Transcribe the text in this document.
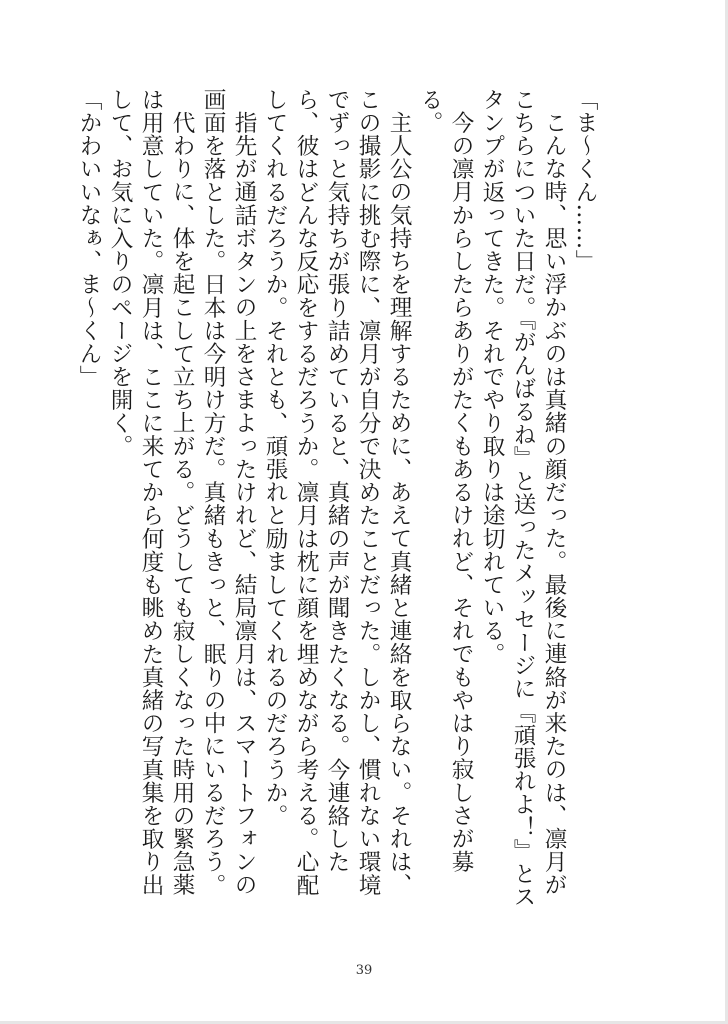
「ま〜くん……」

こんな時、思い浮かぶのは真緒の顔だった。最後に連絡が来たのは、凛月がこちらについた日だ。『がんばるね』と送ったメッセージに『頑張れよ！』とスタンプが返ってきた。それでやり取りは途切れている。

今の凛月からしたらありがたくもあるけれど、それでもやはり寂しさが募る。

主人公の気持ちを理解するために、あえて真緒と連絡を取らない。それは、この撮影に挑む際に、凛月が自分で決めたことだった。しかし、慣れない環境でずっと気持ちが張り詰めていると、真緒の声が聞きたくなる。今連絡したら、彼はどんな反応をするだろうか。凛月は枕に顔を埋めながら考える。心配してくれるだろうか。それとも、頑張れと励ましてくれるのだろうか。

指先が通話ボタンの上をさまよったけれど、結局凛月は、スマートフォンの画面を落とした。日本は今明け方だ。真緒もきっと、眠りの中にいるだろう。

代わりに、体を起こして立ち上がる。どうしても寂しくなった時用の緊急薬は用意していた。凛月は、ここに来てから何度も眺めた真緒の写真集を取り出して、お気に入りのページを開く。

「かわいいなぁ、ま〜くん」

39
